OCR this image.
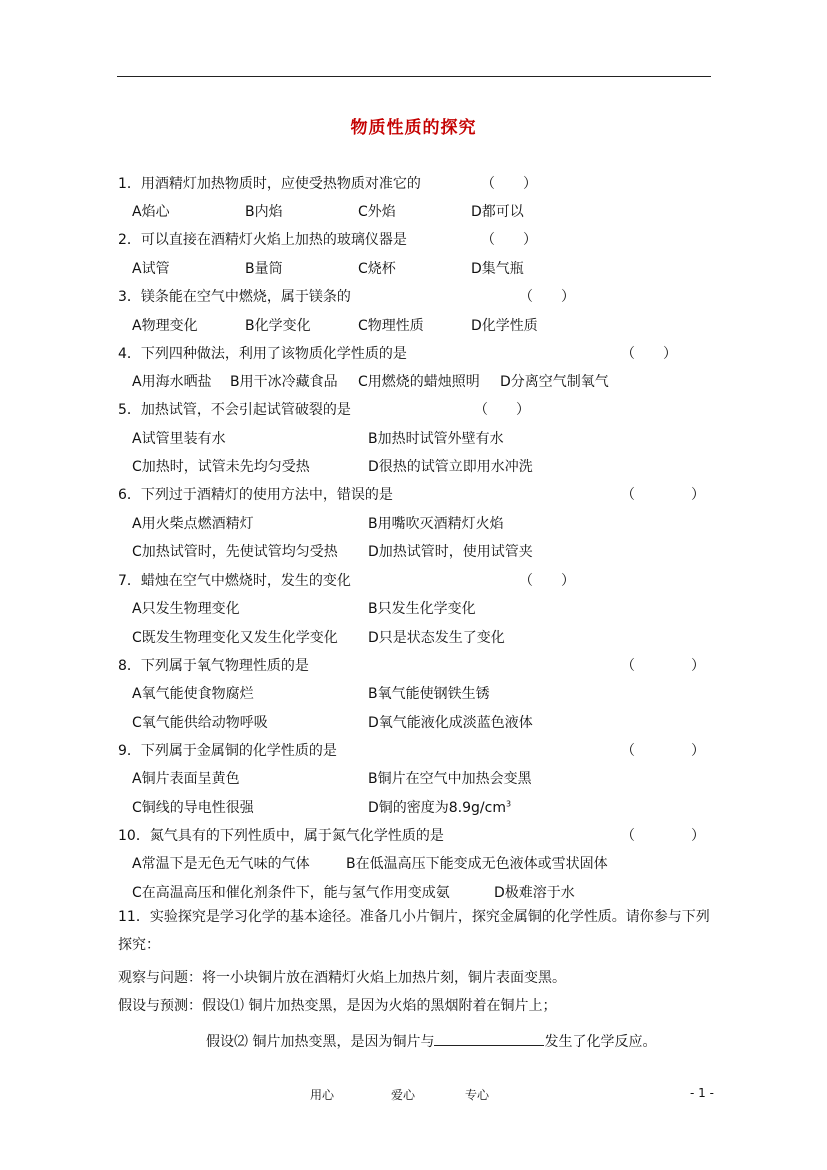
物质性质的探究
1．用酒精灯加热物质时，应使受热物质对准它的	（　　）
A焰心	B内焰	C外焰	D都可以
2．可以直接在酒精灯火焰上加热的玻璃仪器是	（　　）
A试管	B量筒	C烧杯	D集气瓶
3．镁条能在空气中燃烧，属于镁条的	（　　）
A物理变化	B化学变化	C物理性质	D化学性质
4．下列四种做法，利用了该物质化学性质的是	（　　）
A用海水晒盐 B用干冰冷藏食品 C用燃烧的蜡烛照明 D分离空气制氧气
5．加热试管，不会引起试管破裂的是	（　　）
A试管里装有水	B加热时试管外壁有水
C加热时，试管未先均匀受热	D很热的试管立即用水冲洗
6．下列过于酒精灯的使用方法中，错误的是	（　　　　）
A用火柴点燃酒精灯	B用嘴吹灭酒精灯火焰
C加热试管时，先使试管均匀受热 D加热试管时，使用试管夹
7．蜡烛在空气中燃烧时，发生的变化	（　　）
A只发生物理变化	B只发生化学变化
C既发生物理变化又发生化学变化 D只是状态发生了变化
8．下列属于氧气物理性质的是	（　　　　）
A氧气能使食物腐烂	B氧气能使钢铁生锈
C氧气能供给动物呼吸	D氧气能液化成淡蓝色液体
9．下列属于金属铜的化学性质的是	（　　　　）
A铜片表面呈黄色	B铜片在空气中加热会变黑
C铜线的导电性很强	D铜的密度为$8.9g/cm^3$
10．氮气具有的下列性质中，属于氮气化学性质的是	（　　　　）
A常温下是无色无气味的气体	B在低温高压下能变成无色液体或雪状固体
C在高温高压和催化剂条件下，能与氢气作用变成氨	D极难溶于水
11．实验探究是学习化学的基本途径。准备几小片铜片，探究金属铜的化学性质。请你参与下列探究：
观察与问题：将一小块铜片放在酒精灯火焰上加热片刻，铜片表面变黑。
假设与预测：假设⑴ 铜片加热变黑，是因为火焰的黑烟附着在铜片上；
假设⑵ 铜片加热变黑，是因为铜片与	发生了化学反应。
用心	爱心	专心	- 1 -
